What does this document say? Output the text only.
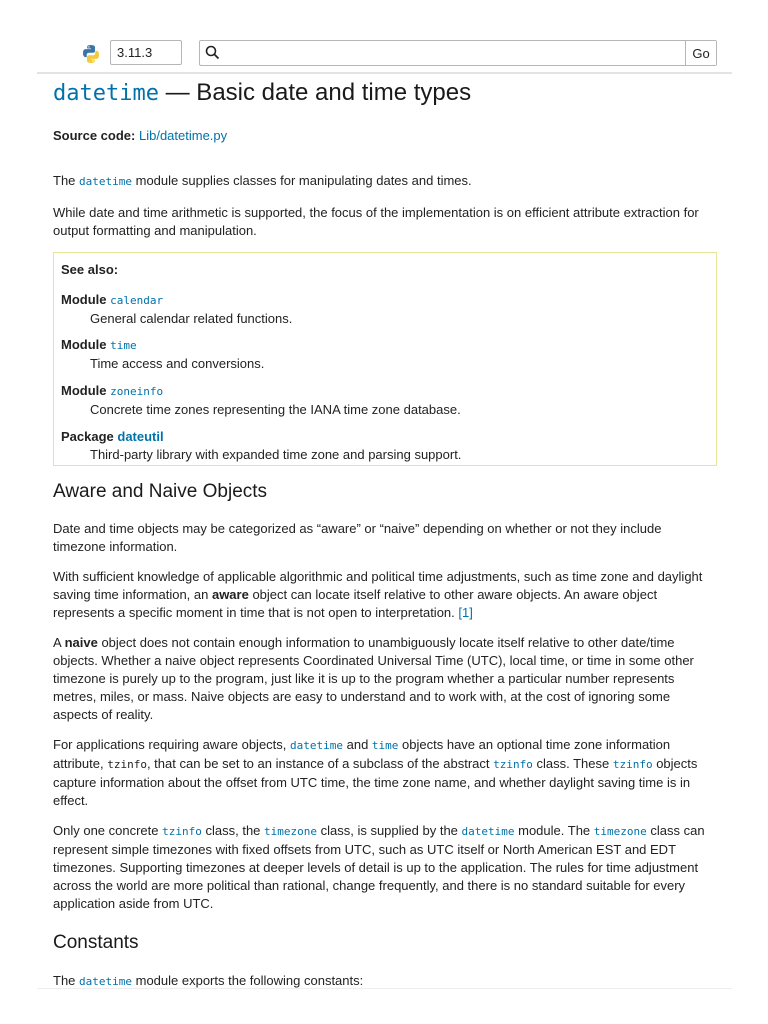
3.11.3	Go
datetime — Basic date and time types

Source code: Lib/datetime.py

The datetime module supplies classes for manipulating dates and times.

While date and time arithmetic is supported, the focus of the implementation is on efficient attribute extraction for output formatting and manipulation.

See also:
Module calendar
General calendar related functions.
Module time
Time access and conversions.
Module zoneinfo
Concrete time zones representing the IANA time zone database.
Package dateutil
Third-party library with expanded time zone and parsing support.
Aware and Naive Objects

Date and time objects may be categorized as “aware” or “naive” depending on whether or not they include timezone information.

With sufficient knowledge of applicable algorithmic and political time adjustments, such as time zone and daylight saving time information, an aware object can locate itself relative to other aware objects. An aware object represents a specific moment in time that is not open to interpretation. [1]

A naive object does not contain enough information to unambiguously locate itself relative to other date/time objects. Whether a naive object represents Coordinated Universal Time (UTC), local time, or time in some other timezone is purely up to the program, just like it is up to the program whether a particular number represents metres, miles, or mass. Naive objects are easy to understand and to work with, at the cost of ignoring some aspects of reality.

For applications requiring aware objects, datetime and time objects have an optional time zone information attribute, tzinfo, that can be set to an instance of a subclass of the abstract tzinfo class. These tzinfo objects capture information about the offset from UTC time, the time zone name, and whether daylight saving time is in effect.

Only one concrete tzinfo class, the timezone class, is supplied by the datetime module. The timezone class can represent simple timezones with fixed offsets from UTC, such as UTC itself or North American EST and EDT timezones. Supporting timezones at deeper levels of detail is up to the application. The rules for time adjustment across the world are more political than rational, change frequently, and there is no standard suitable for every application aside from UTC.

Constants

The datetime module exports the following constants:
